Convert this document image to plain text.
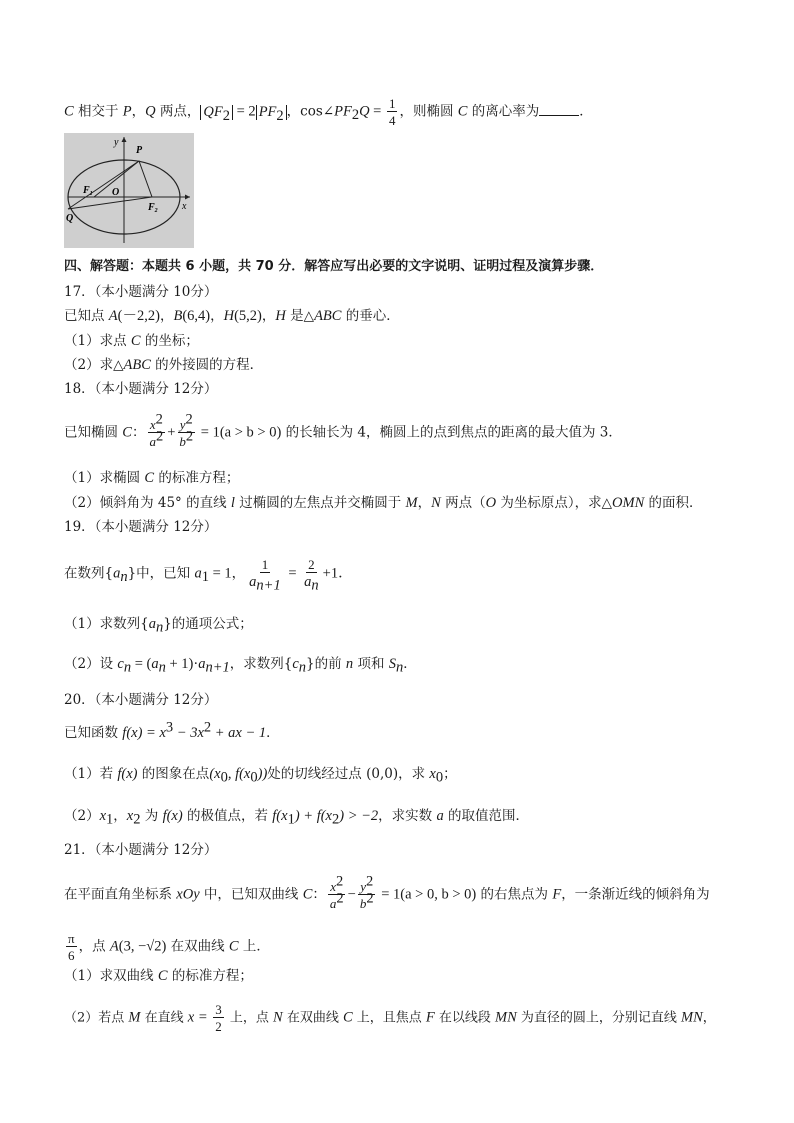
C 相交于 P，Q 两点， $QF_2 = 2$ $PF_2$ ，$\cos\angle PF_2Q = \frac{1}{4}$ ，则椭圆 C 的离心率为	．
y
x
P
Q
O
$F_1$
$F_2$
四、解答题：本题共 6 小题，共 70 分．解答应写出必要的文字说明、证明过程及演算步骤．
17．（本小题满分 10分）
已知点 A(－2,2)，B(6,4)，H(5,2)，H 是△ABC 的垂心．
（1）求点 C 的坐标；
（2）求△ABC 的外接圆的方程．
18．（本小题满分 12分）
已知椭圆 C： $\frac{x^2}{a^2} + \frac{y^2}{b^2} = 1(a > b > 0)$ 的长轴长为 4，椭圆上的点到焦点的距离的最大值为 3．
（1）求椭圆 C 的标准方程；
（2）倾斜角为 45° 的直线 l 过椭圆的左焦点并交椭圆于 M，N 两点（O 为坐标原点），求△OMN 的面积．
19．（本小题满分 12分）
在数列$\{a_n\}$中，已知 $a_1 = 1$， $\frac{1}{a_{n+1}} = \frac{2}{a_n} +1$．
（1）求数列$\{a_n\}$的通项公式；
（2）设 $c_n = (a_n + 1)\cdot a_{n+1}$，求数列$\{c_n\}$的前 n 项和 $S_n$．
20．（本小题满分 12分）
已知函数 $f(x) = x^3 - 3x^2$ + ax − 1．
（1）若 f(x) 的图象在点($x_0$, $f(x_0)$)处的切线经过点 (0,0)，求 $x_0$；
$(2)x_1$，$x_2$ 为 f(x) 的极值点，若 $f(x_1) + f(x_2) > -2$，求实数 a 的取值范围．
21．（本小题满分 12分）
在平面直角坐标系 xOy 中，已知双曲线 C： $\frac{x^2}{a^2} - \frac{y^2}{b^2} = 1(a > 0$, b > 0) 的右焦点为 F，一条渐近线的倾斜角为
$\frac{\pi}{6}$ ，点 A(3, −√2) 在双曲线 C 上．
（1）求双曲线 C 的标准方程；
（2）若点 M 在直线 $x = \frac{3}{2}$ 上，点 N 在双曲线 C 上，且焦点 F 在以线段 MN 为直径的圆上，分别记直线 MN，
